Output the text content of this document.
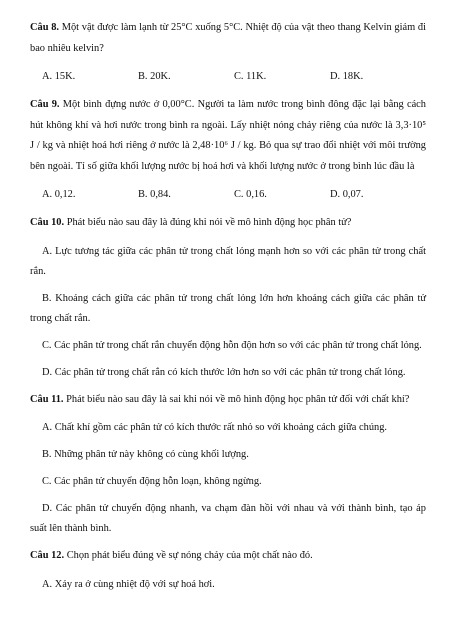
Câu 8. Một vật được làm lạnh từ 25°C xuống 5°C. Nhiệt độ của vật theo thang Kelvin giảm đi bao nhiêu kelvin?

A. 15K.	B. 20K.	C. 11K.	D. 18K.

Câu 9. Một bình đựng nước ở 0,00°C. Người ta làm nước trong bình đông đặc lại bằng cách hút không khí và hơi nước trong bình ra ngoài. Lấy nhiệt nóng chảy riêng của nước là 3,3·10⁵ J / kg và nhiệt hoá hơi riêng ở nước là 2,48·10⁶ J / kg. Bỏ qua sự trao đổi nhiệt với môi trường bên ngoài. Tỉ số giữa khối lượng nước bị hoá hơi và khối lượng nước ở trong bình lúc đầu là

A. 0,12.	B. 0,84.	C. 0,16.	D. 0,07.

Câu 10. Phát biểu nào sau đây là đúng khi nói về mô hình động học phân tử?

A. Lực tương tác giữa các phân tử trong chất lỏng mạnh hơn so với các phân tử trong chất rắn.

B. Khoảng cách giữa các phân tử trong chất lỏng lớn hơn khoảng cách giữa các phân tử trong chất rắn.

C. Các phân tử trong chất rắn chuyển động hỗn độn hơn so với các phân tử trong chất lỏng.

D. Các phân tử trong chất rắn có kích thước lớn hơn so với các phân tử trong chất lỏng.

Câu 11. Phát biểu nào sau đây là sai khi nói về mô hình động học phân tử đối với chất khí?

A. Chất khí gồm các phân tử có kích thước rất nhỏ so với khoảng cách giữa chúng.

B. Những phân tử này không có cùng khối lượng.

C. Các phân tử chuyển động hỗn loạn, không ngừng.

D. Các phân tử chuyển động nhanh, va chạm đàn hồi với nhau và với thành bình, tạo áp suất lên thành bình.

Câu 12. Chọn phát biểu đúng về sự nóng chảy của một chất nào đó.

A. Xảy ra ở cùng nhiệt độ với sự hoá hơi.
